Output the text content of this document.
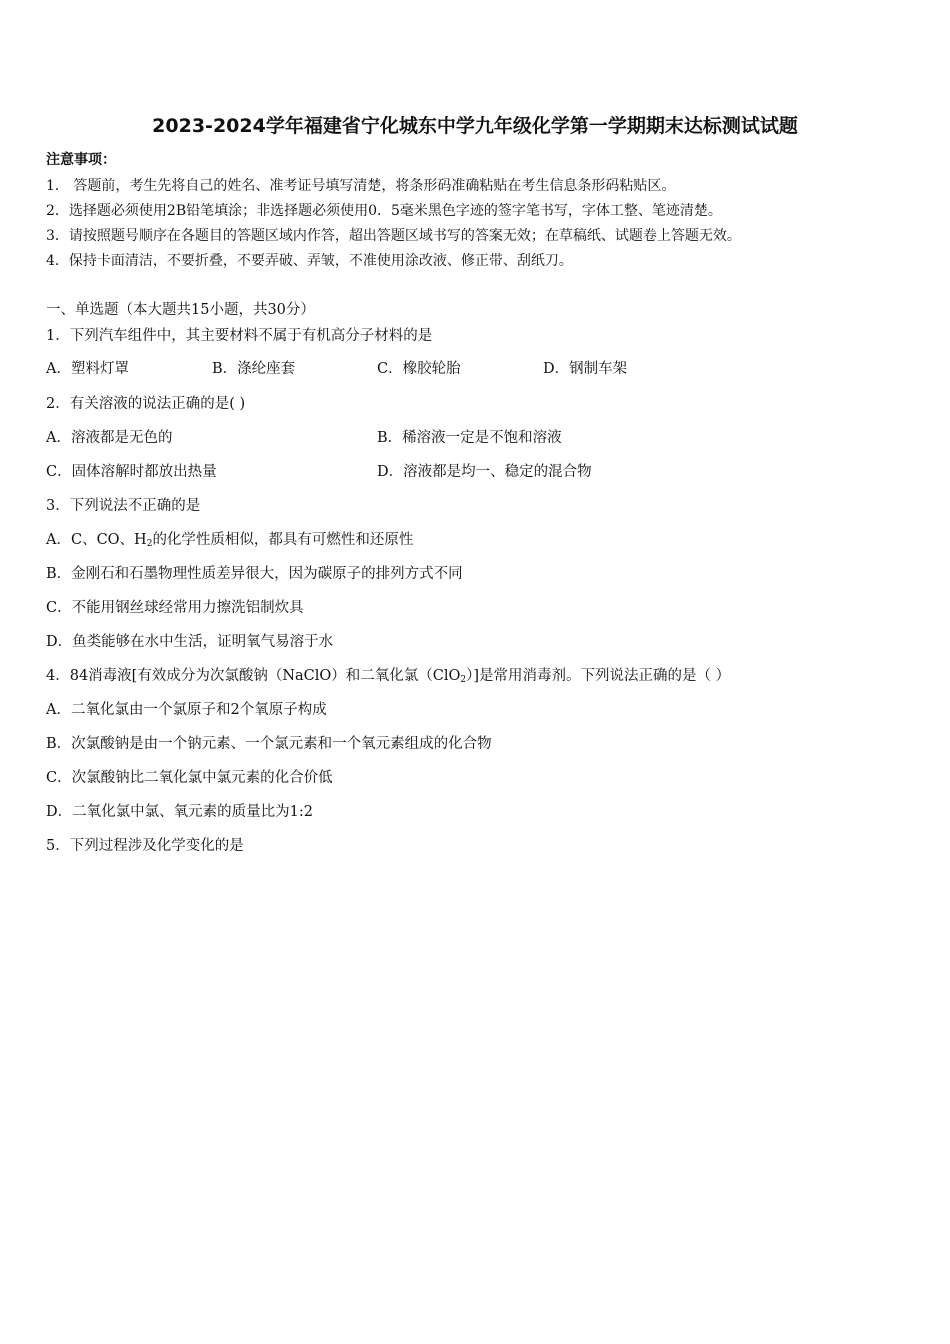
2023-2024学年福建省宁化城东中学九年级化学第一学期期末达标测试试题
注意事项：
1． 答题前，考生先将自己的姓名、准考证号填写清楚，将条形码准确粘贴在考生信息条形码粘贴区。
2．选择题必须使用2B铅笔填涂；非选择题必须使用0．5毫米黑色字迹的签字笔书写，字体工整、笔迹清楚。
3．请按照题号顺序在各题目的答题区域内作答，超出答题区域书写的答案无效；在草稿纸、试题卷上答题无效。
4．保持卡面清洁，不要折叠，不要弄破、弄皱，不准使用涂改液、修正带、刮纸刀。
一、单选题（本大题共15小题，共30分）
1．下列汽车组件中，其主要材料不属于有机高分子材料的是
A．塑料灯罩	B．涤纶座套	C．橡胶轮胎	D．钢制车架
2．有关溶液的说法正确的是( )
A．溶液都是无色的	B．稀溶液一定是不饱和溶液
C．固体溶解时都放出热量	D．溶液都是均一、稳定的混合物
3．下列说法不正确的是
A．C、CO、$H_2$的化学性质相似，都具有可燃性和还原性
B．金刚石和石墨物理性质差异很大，因为碳原子的排列方式不同
C．不能用钢丝球经常用力擦洗铝制炊具
D．鱼类能够在水中生活，证明氧气易溶于水
4．84消毒液[有效成分为次氯酸钠（NaClO）和二氧化氯（ClO$_2$）]是常用消毒剂。下列说法正确的是（ ）
A．二氧化氯由一个氯原子和2个氧原子构成
B．次氯酸钠是由一个钠元素、一个氯元素和一个氧元素组成的化合物
C．次氯酸钠比二氧化氯中氯元素的化合价低
D．二氧化氯中氯、氧元素的质量比为1:2
5．下列过程涉及化学变化的是
